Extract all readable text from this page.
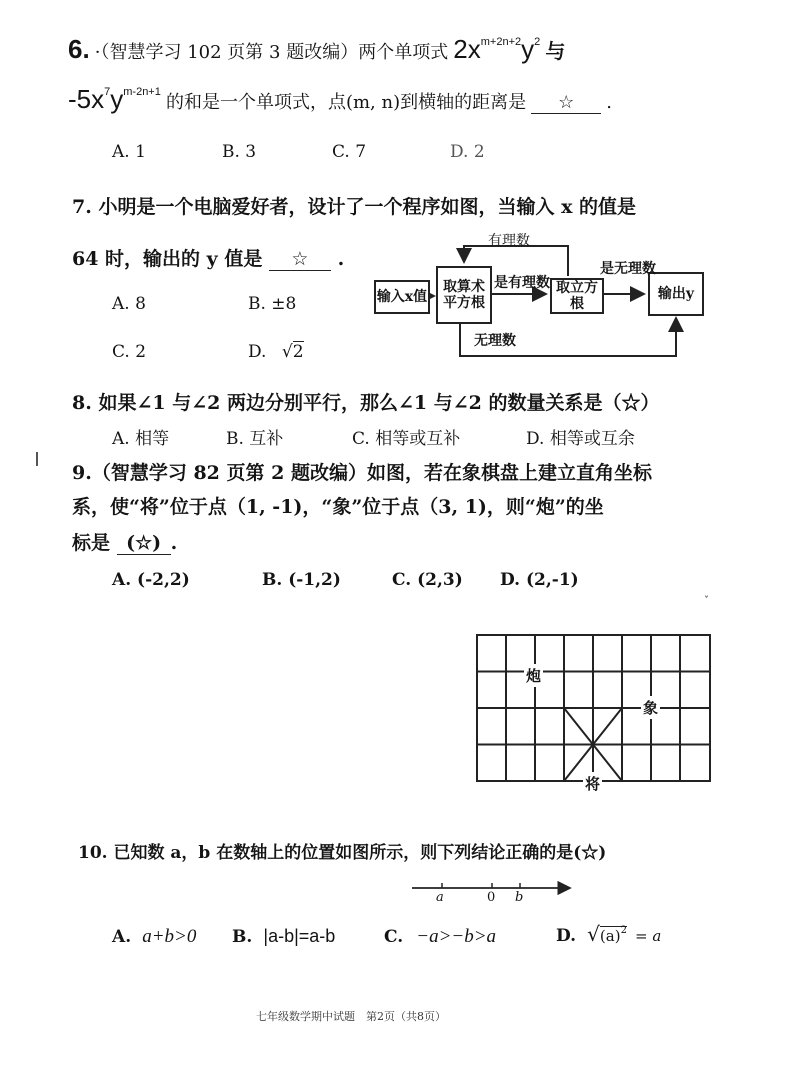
6. ·（智慧学习 102 页第 3 题改编）两个单项式 $2x^{m+2n+2}y^2$ 与
$-5x^7y^{m-2n+1}$ 的和是一个单项式，点(m, n)到横轴的距离是 ☆ .
A. 1	B. 3	C. 7	D. 2
7. 小明是一个电脑爱好者，设计了一个程序如图，当输入 x 的值是
64 时，输出的 y 值是 ☆ .
A. 8	B. ±8
C. 2	D. √2
输入x值
取算术平方根
取立方根
输出y
有理数
是有理数
是无理数
无理数
8. 如果∠1 与∠2 两边分别平行，那么∠1 与∠2 的数量关系是（☆）
A. 相等	B. 互补	C. 相等或互补	D. 相等或互余
9.（智慧学习 82 页第 2 题改编）如图，若在象棋盘上建立直角坐标
系，使“将”位于点（1, -1)，“象”位于点（3, 1)，则“炮”的坐
标是 (☆) .
A. (-2,2)	B. (-1,2)	C. (2,3) D. (2,-1)
炮
象
将
ˇ
10. 已知数 a，b 在数轴上的位置如图所示，则下列结论正确的是(☆)
a	0 b
A. a+b>0 B. |a-b|=a-b	C. −a>−b>a	D. $√(a)^2 = a$
七年级数学期中试题　第2页（共8页）
